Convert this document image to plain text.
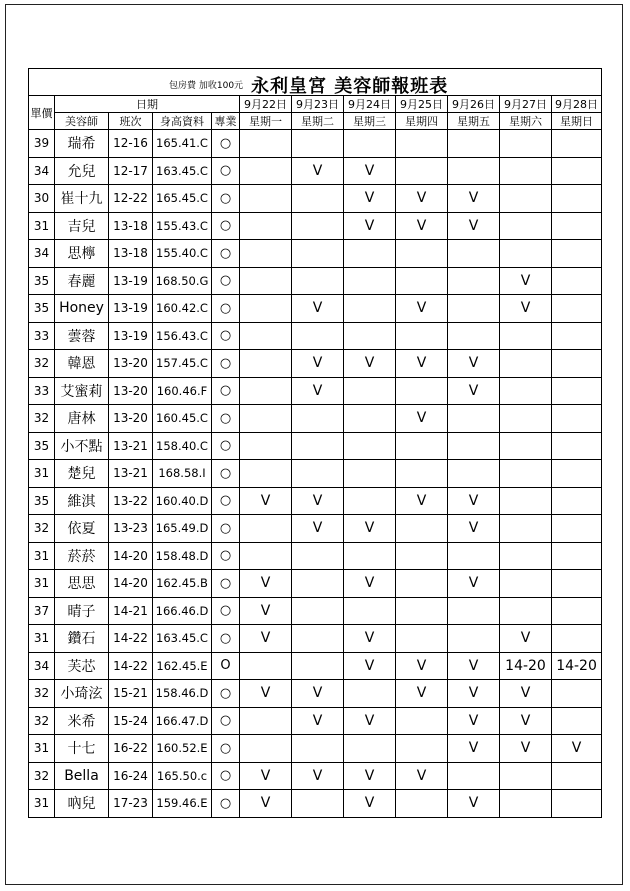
包房費 加收100元 永利皇宮 美容師報班表											

單價	日期				9月22日	9月23日	9月24日	9月25日	9月26日	9月27日	9月28日
	美容師	班次	身高資料	專業	星期一	星期二	星期三	星期四	星期五	星期六	星期日
39	瑞希	12-16	165.41.C	○							
34	允兒	12-17	163.45.C	○		V	V				
30	崔十九	12-22	165.45.C	○			V	V	V		
31	吉兒	13-18	155.43.C	○			V	V	V		
34	思檸	13-18	155.40.C	○							
35	春麗	13-19	168.50.G	○						V	
35	Honey	13-19	160.42.C	○		V		V		V	
33	蕓蓉	13-19	156.43.C	○							
32	韓恩	13-20	157.45.C	○		V	V	V	V		
33	艾蜜莉	13-20	160.46.F	○		V			V		
32	唐林	13-20	160.45.C	○				V			
35	小不點	13-21	158.40.C	○							
31	楚兒	13-21	168.58.I	○							
35	維淇	13-22	160.40.D	○	V	V		V	V		
32	依夏	13-23	165.49.D	○		V	V		V		
31	菸菸	14-20	158.48.D	○							
31	思思	14-20	162.45.B	○	V		V		V		
37	晴子	14-21	166.46.D	○	V						
31	鑽石	14-22	163.45.C	○	V		V			V	
34	芙芯	14-22	162.45.E	O			V	V	V	14-20	14-20
32	小琦泫	15-21	158.46.D	○	V	V		V	V	V	
32	米希	15-24	166.47.D	○		V	V		V	V	
31	十七	16-22	160.52.E	○					V	V	V
32	Bella	16-24	165.50.c	○	V	V	V	V			
31	吶兒	17-23	159.46.E	○	V		V		V		
